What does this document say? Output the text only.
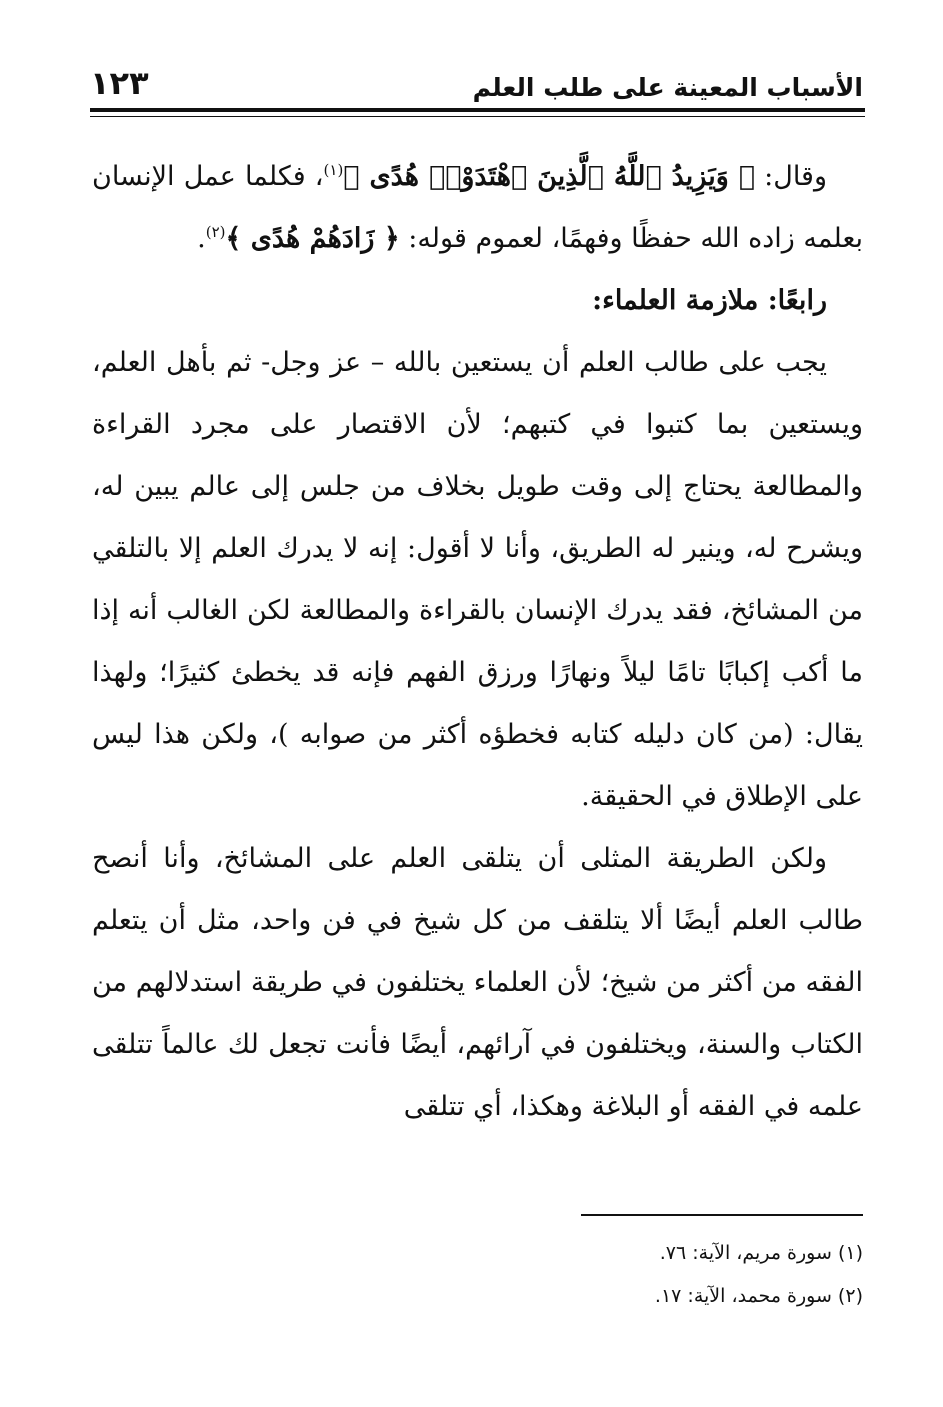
الأسباب المعينة على طلب العلم
١٢٣

وقال: ﴿ وَيَزِيدُ ٱللَّهُ ٱلَّذِينَ ٱهْتَدَوْا۟ هُدًى ﴾$^{(١)}$، فكلما عمل الإنسان بعلمه زاده الله حفظًا وفهمًا، لعموم قوله: ﴿ زَادَهُمْ هُدًى ﴾$^{(٢)}$.

رابعًا: ملازمة العلماء:

يجب على طالب العلم أن يستعين بالله – عز وجل- ثم بأهل العلم، ويستعين بما كتبوا في كتبهم؛ لأن الاقتصار على مجرد القراءة والمطالعة يحتاج إلى وقت طويل بخلاف من جلس إلى عالم يبين له، ويشرح له، وينير له الطريق، وأنا لا أقول: إنه لا يدرك العلم إلا بالتلقي من المشائخ، فقد يدرك الإنسان بالقراءة والمطالعة لكن الغالب أنه إذا ما أكب إكبابًا تامًا ليلاً ونهارًا ورزق الفهم فإنه قد يخطئ كثيرًا؛ ولهذا يقال: (من كان دليله كتابه فخطؤه أكثر من صوابه )، ولكن هذا ليس على الإطلاق في الحقيقة.

ولكن الطريقة المثلى أن يتلقى العلم على المشائخ، وأنا أنصح طالب العلم أيضًا ألا يتلقف من كل شيخ في فن واحد، مثل أن يتعلم الفقه من أكثر من شيخ؛ لأن العلماء يختلفون في طريقة استدلالهم من الكتاب والسنة، ويختلفون في آرائهم، أيضًا فأنت تجعل لك عالماً تتلقى علمه في الفقه أو البلاغة وهكذا، أي تتلقى

(١) سورة مريم، الآية: ٧٦.
(٢) سورة محمد، الآية: ١٧.
